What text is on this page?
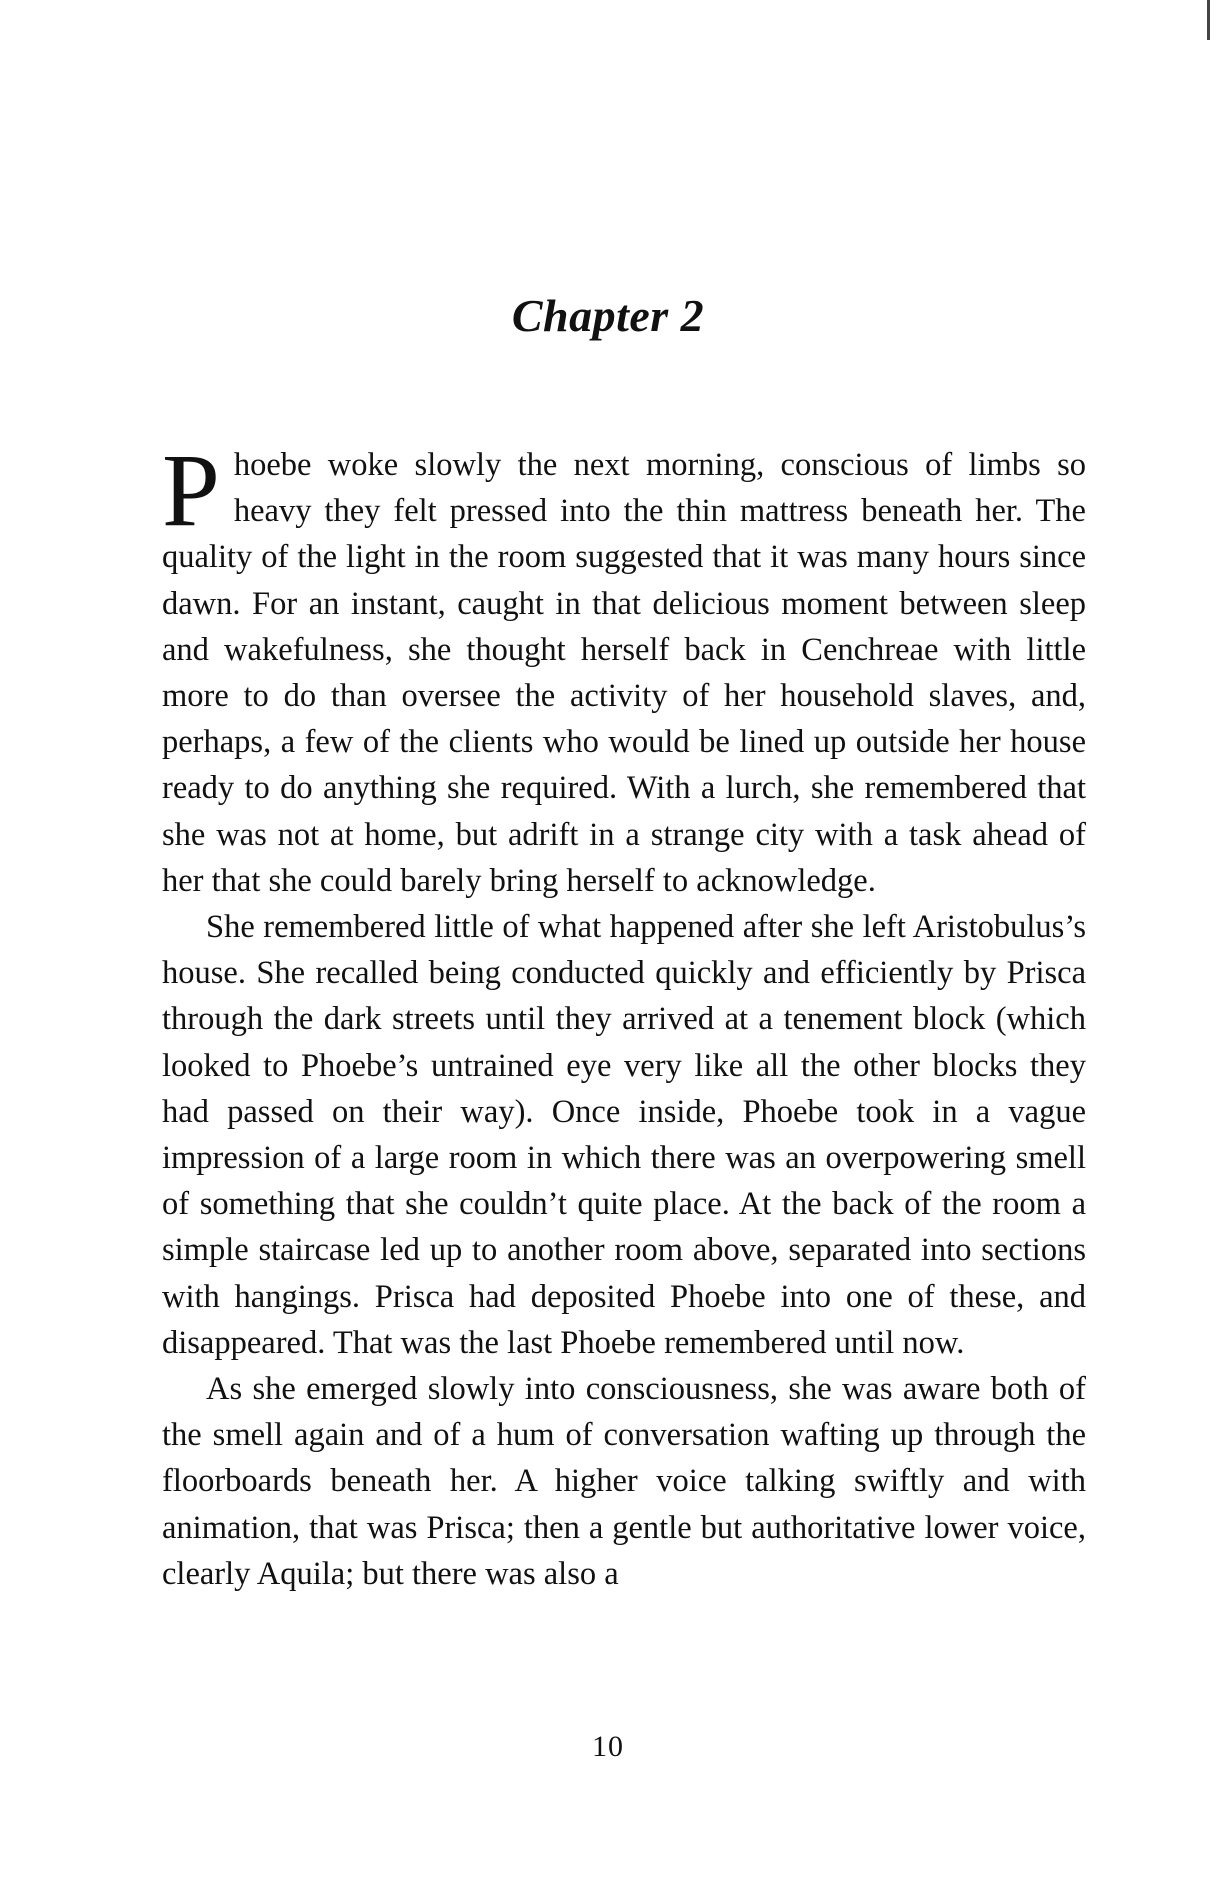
Chapter 2

Phoebe woke slowly the next morning, conscious of limbs so heavy they felt pressed into the thin mattress beneath her. The quality of the light in the room suggested that it was many hours since dawn. For an instant, caught in that delicious moment between sleep and wakefulness, she thought herself back in Cenchreae with little more to do than oversee the activity of her household slaves, and, perhaps, a few of the clients who would be lined up outside her house ready to do anything she required. With a lurch, she remembered that she was not at home, but adrift in a strange city with a task ahead of her that she could barely bring herself to acknowledge.

She remembered little of what happened after she left Aristobulus’s house. She recalled being conducted quickly and efficiently by Prisca through the dark streets until they arrived at a tenement block (which looked to Phoebe’s untrained eye very like all the other blocks they had passed on their way). Once inside, Phoebe took in a vague impression of a large room in which there was an overpowering smell of something that she couldn’t quite place. At the back of the room a simple staircase led up to another room above, separated into sections with hangings. Prisca had deposited Phoebe into one of these, and disappeared. That was the last Phoebe remembered until now.

As she emerged slowly into consciousness, she was aware both of the smell again and of a hum of conversation wafting up through the floorboards beneath her. A higher voice talking swiftly and with animation, that was Prisca; then a gentle but authoritative lower voice, clearly Aquila; but there was also a

10
